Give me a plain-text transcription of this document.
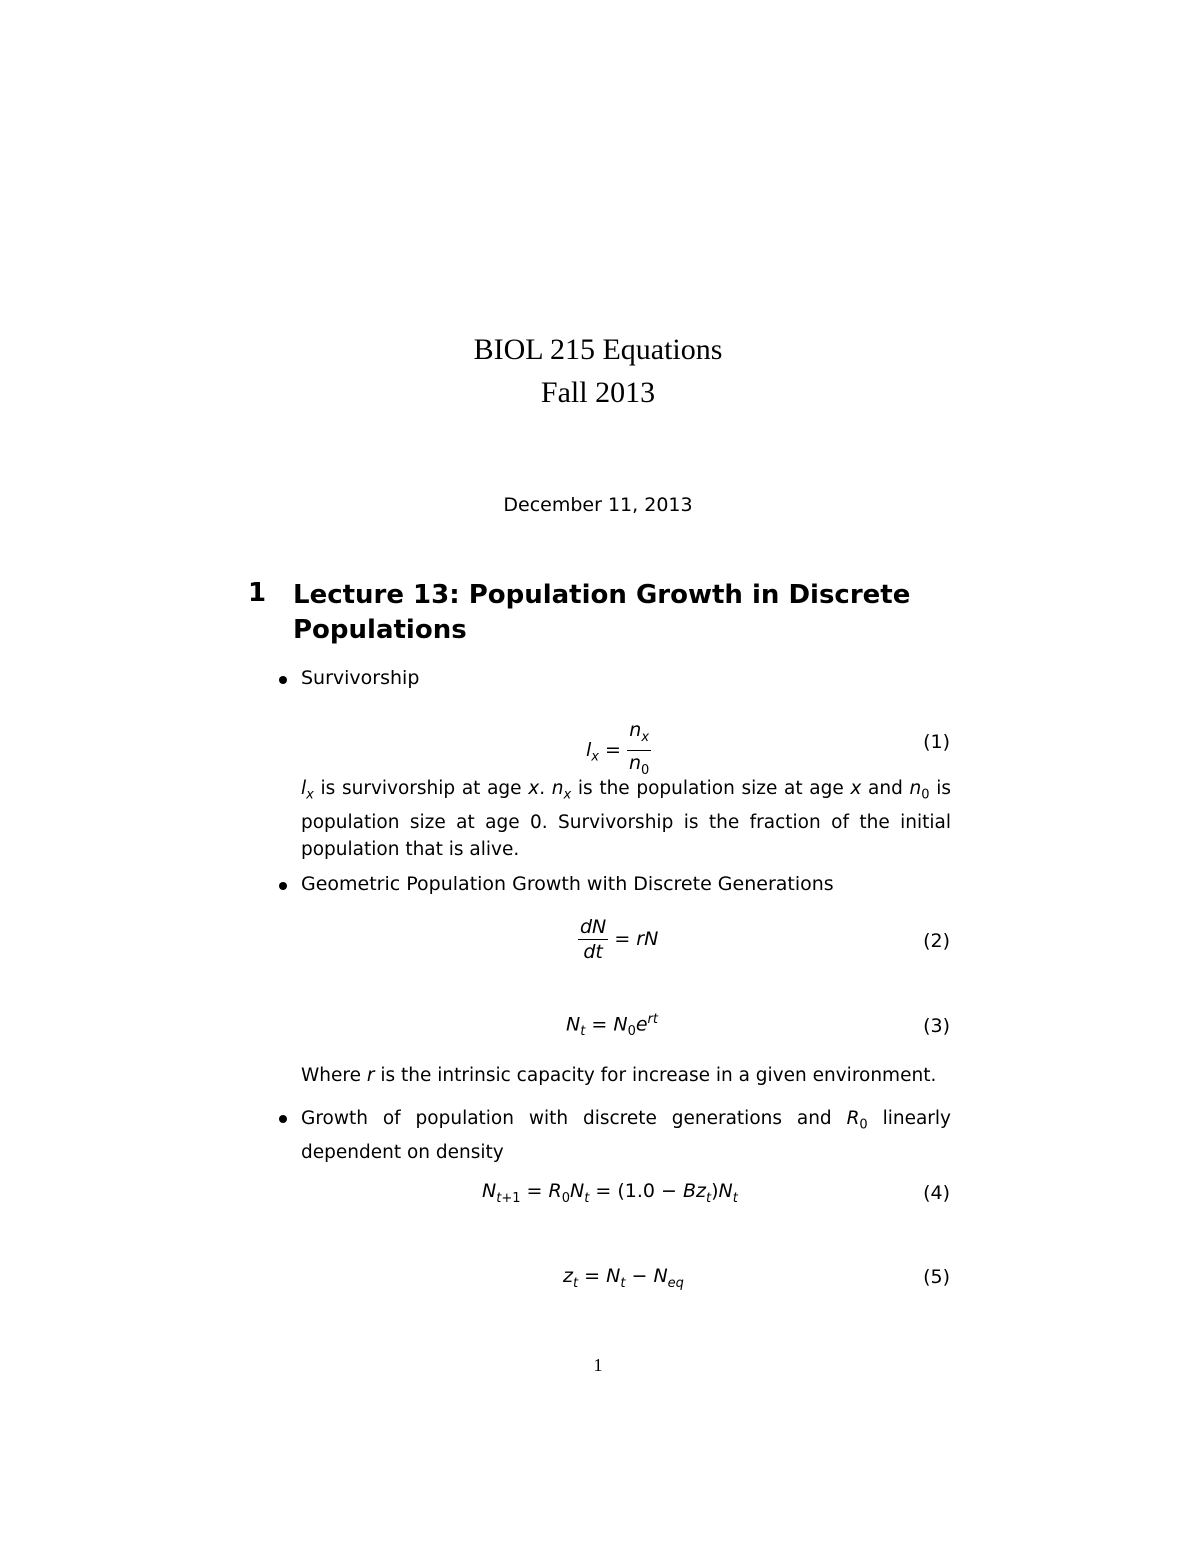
BIOL 215 Equations
Fall 2013
December 11, 2013
1 Lecture 13: Population Growth in Discrete Populations
Survivorship
$l_x = \frac{n_x}{n_0}$	(1)
$l_x$ is survivorship at age x. $n_x$ is the population size at age x and $n_0$ is population size at age 0. Survivorship is the fraction of the initial population that is alive.
Geometric Population Growth with Discrete Generations
$\frac{dN}{dt}$ = rN	(2)
$N_t = N_0e^{rt}$	(3)
Where r is the intrinsic capacity for increase in a given environment.
Growth of population with discrete generations and $R_0$ linearly dependent on density
$N_{t+1} = R_0N_t = (1.0 - Bz_t)N_t$	(4)
$z_t = N_t - N_{eq}$	(5)
1
